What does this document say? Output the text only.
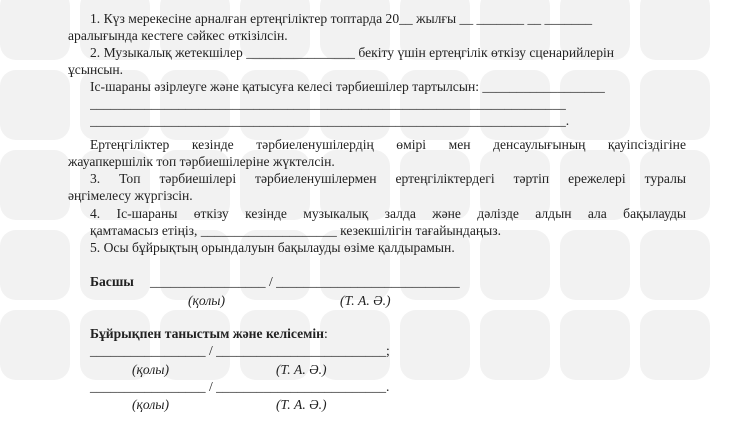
1. Күз мерекесіне арналған ертеңгіліктер топтарда 20__ жылғы __ _______ __ _______
аралығында кестеге сәйкес өткізілсін.
2. Музыкалық жетекшілер ________________ бекіту үшін ертеңгілік өткізу сценарийлерін
ұсынсын.
Іс-шараны әзірлеуге және қатысуға келесі тәрбиешілер тартылсын: __________________
______________________________________________________________________
______________________________________________________________________.
Ертеңгіліктер кезінде тәрбиеленушілердің өмірі мен денсаулығының қауіпсіздігіне
жауапкершілік топ тәрбиешілеріне жүктелсін.
3. Топ тәрбиешілері тәрбиеленушілермен ертеңгіліктердегі тәртіп ережелері туралы
әңгімелесу жүргізсін.
4. Іс-шараны өткізу кезінде музыкалық залда және дәлізде алдын ала бақылауды
қамтамасыз етіңіз, ____________________ кезекшілігін тағайындаңыз.
5. Осы бұйрықтың орындалуын бақылауды өзіме қалдырамын.
Басшы _________________ / ___________________________
(қолы)	(Т. А. Ә.)
Бұйрықпен таныстым және келісемін:
_________________ / _________________________;
(қолы)	(Т. А. Ә.)
_________________ / _________________________.
(қолы)	(Т. А. Ә.)
